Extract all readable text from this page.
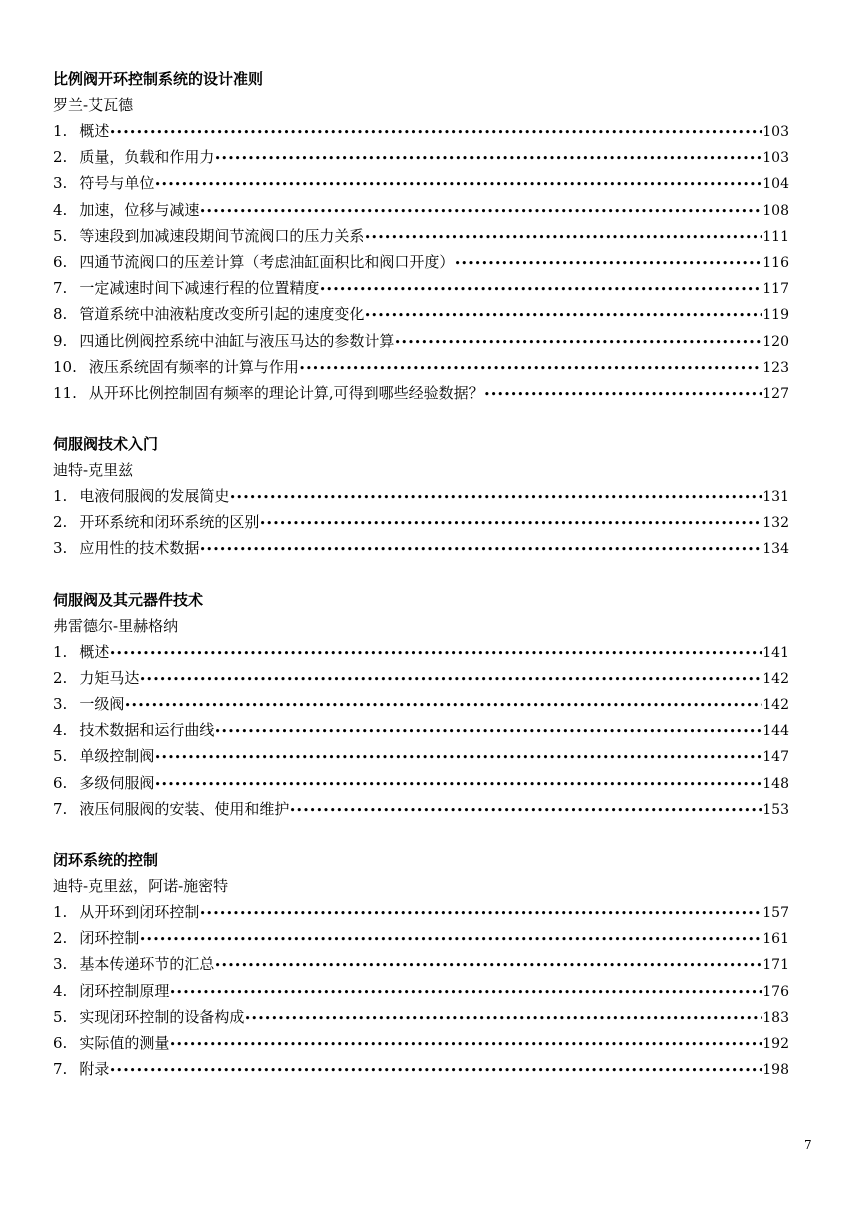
比例阀开环控制系统的设计准则
罗兰-艾瓦德
1. 概述 •••••	103
2. 质量，负载和作用力 •••••	103
3. 符号与单位 •••••	104
4. 加速，位移与减速 •••••	108
5. 等速段到加减速段期间节流阀口的压力关系 •••••	111
6. 四通节流阀口的压差计算（考虑油缸面积比和阀口开度） •••••	116
7. 一定减速时间下减速行程的位置精度 •••••	117
8. 管道系统中油液粘度改变所引起的速度变化 •••••	119
9. 四通比例阀控系统中油缸与液压马达的参数计算 •••••	120
10. 液压系统固有频率的计算与作用 •••••	123
11. 从开环比例控制固有频率的理论计算,可得到哪些经验数据？ •••••	127
伺服阀技术入门
迪特-克里兹
1. 电液伺服阀的发展简史 •••••	131
2. 开环系统和闭环系统的区别 •••••	132
3. 应用性的技术数据 •••••	134
伺服阀及其元器件技术
弗雷德尔-里赫格纳
1. 概述 •••••	141
2. 力矩马达 •••••	142
3. 一级阀 •••••	142
4. 技术数据和运行曲线 •••••	144
5. 单级控制阀 •••••	147
6. 多级伺服阀 •••••	148
7. 液压伺服阀的安装、使用和维护 •••••	153
闭环系统的控制
迪特-克里兹，阿诺-施密特
1. 从开环到闭环控制 •••••	157
2. 闭环控制 •••••	161
3. 基本传递环节的汇总 •••••	171
4. 闭环控制原理 •••••	176
5. 实现闭环控制的设备构成 •••••	183
6. 实际值的测量 •••••	192
7. 附录 •••••	198
7
